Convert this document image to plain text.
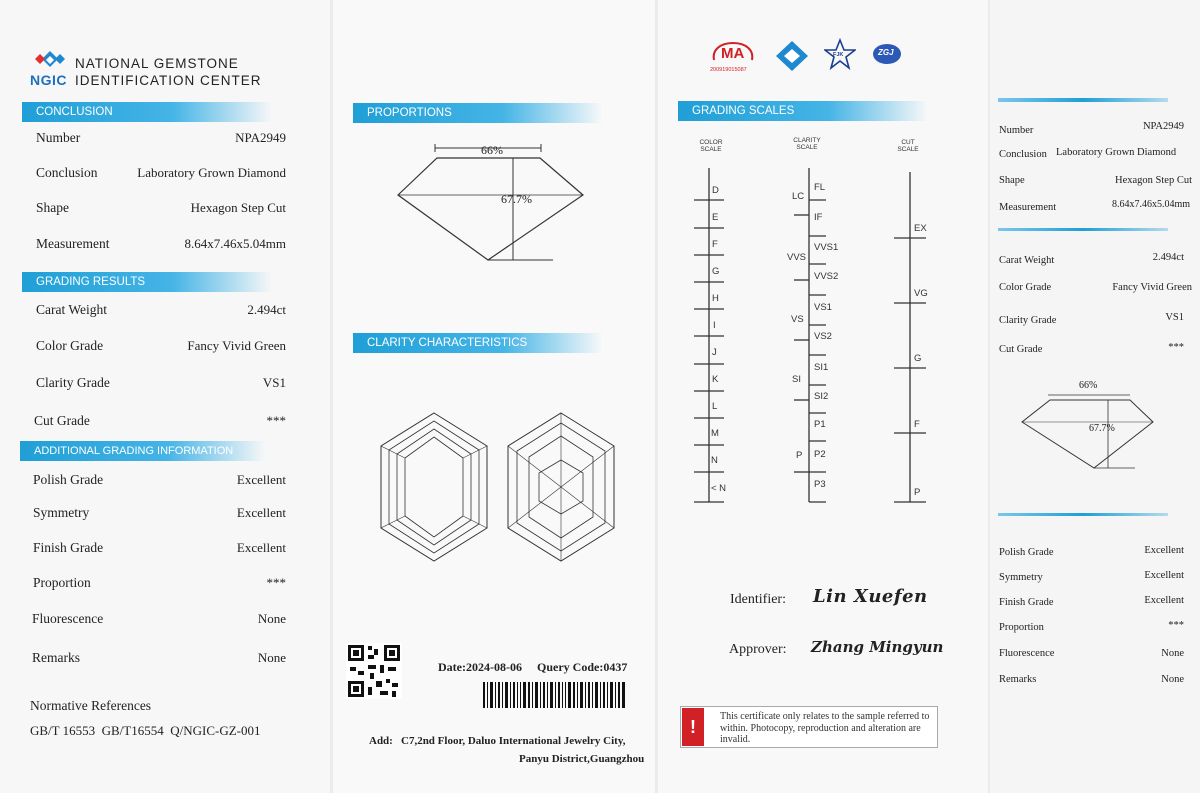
NGIC
NATIONAL GEMSTONE
IDENTIFICATION CENTER
CONCLUSION
Number	NPA2949
Conclusion	Laboratory Grown Diamond
Shape	Hexagon Step Cut
Measurement	8.64x7.46x5.04mm
GRADING RESULTS
Carat Weight	2.494ct
Color Grade	Fancy Vivid Green
Clarity Grade	VS1
Cut Grade	***
ADDITIONAL GRADING INFORMATION
Polish Grade	Excellent
Symmetry	Excellent
Finish Grade	Excellent
Proportion	***
Fluorescence	None
Remarks	None
Normative References
GB/T 16553  GB/T16554  Q/NGIC-GZ-001
PROPORTIONS
66%
67.7%
CLARITY CHARACTERISTICS
Date:2024-08-06 Query Code:0437
Add: C7,2nd Floor, Daluo International Jewelry City,
Panyu District,Guangzhou
MA
200919015087
FJK	ZGJ
GRADING SCALES
COLOR
SCALE
CLARITY
SCALE
CUT
SCALE
D
E
F
G
H
I
J
K
L
M
N
< N
LC
VVS
VS
SI
P
FL
IF
VVS1
VVS2
VS1
VS2
SI1
SI2
P1
P2
P3
EX
VG
G
F
P
Identifier: Lin Xuefen
Approver: Zhang Mingyun
!
This certificate only relates to the sample referred to within. Photocopy, reproduction and alteration are invalid.
Number	NPA2949
Conclusion Laboratory Grown Diamond
Shape	Hexagon Step Cut
Measurement	8.64x7.46x5.04mm
Carat Weight	2.494ct
Color Grade	Fancy Vivid Green
Clarity Grade	VS1
Cut Grade	***
66%
67.7%
Polish Grade	Excellent
Symmetry	Excellent
Finish Grade	Excellent
Proportion	***
Fluorescence	None
Remarks	None
